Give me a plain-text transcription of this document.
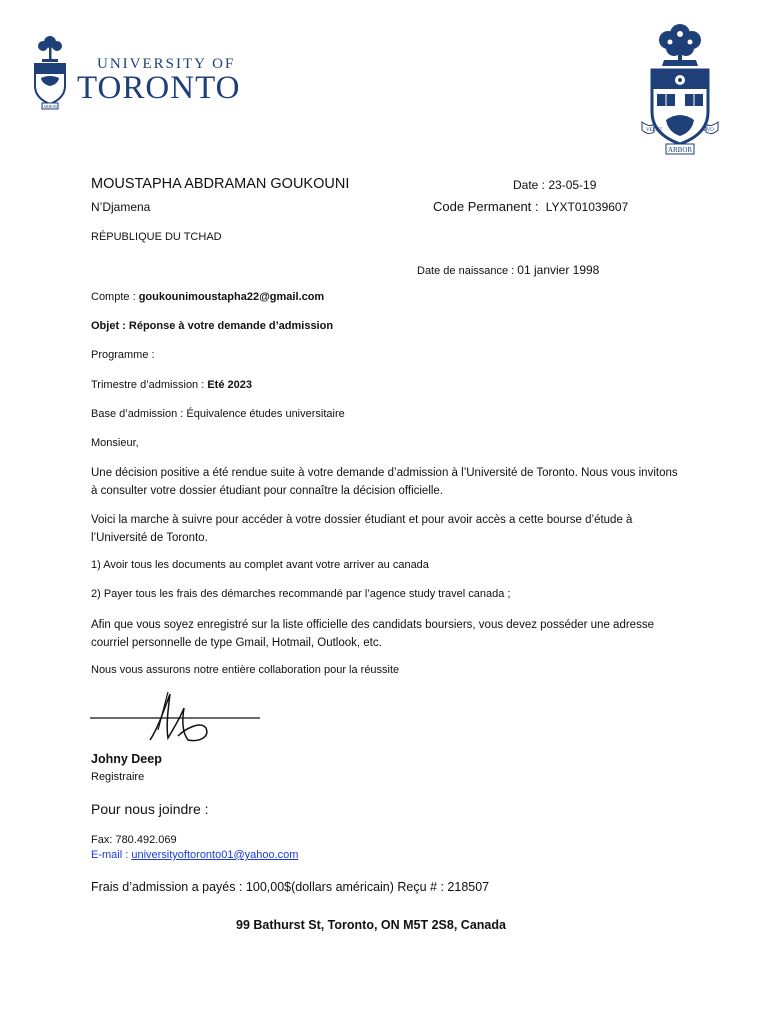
ARBOR
UNIVERSITY OF
TORONTO
VELUT	AEVO
ARBOR
MOUSTAPHA ABDRAMAN GOUKOUNI
N’Djamena
RÉPUBLIQUE DU TCHAD
Date : 23-05-19
Code Permanent : LYXT01039607
Date de naissance : 01 janvier 1998
Compte : goukounimoustapha22@gmail.com
Objet : Réponse à votre demande d’admission
Programme :
Trimestre d’admission : Eté 2023
Base d’admission : Équivalence études universitaire
Monsieur,
Une décision positive a été rendue suite à votre demande d’admission à l’Université de Toronto. Nous vous invitons à consulter votre dossier étudiant pour connaître la décision officielle.
Voici la marche à suivre pour accéder à votre dossier étudiant et pour avoir accès a cette bourse d’étude à l’Université de Toronto.
1) Avoir tous les documents au complet avant votre arriver au canada
2) Payer tous les frais des démarches recommandé par l’agence study travel canada ;
Afin que vous soyez enregistré sur la liste officielle des candidats boursiers, vous devez posséder une adresse courriel personnelle de type Gmail, Hotmail, Outlook, etc.
Nous vous assurons notre entière collaboration pour la réussite
Johny Deep
Registraire
Pour nous joindre :
Fax: 780.492.069
E-mail : universityoftoronto01@yahoo.com
Frais d’admission a payés : 100,00$(dollars américain) Reçu # : 218507
99 Bathurst St, Toronto, ON M5T 2S8, Canada
